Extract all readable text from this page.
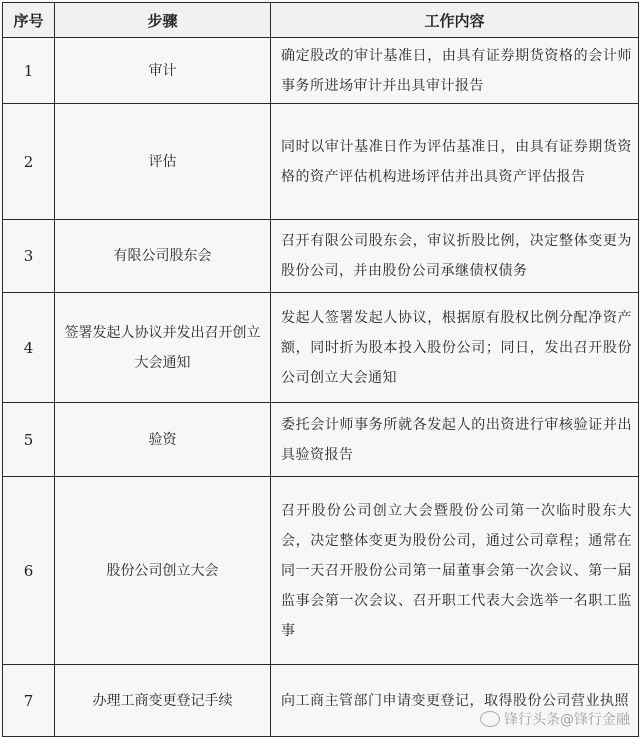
序号	步骤	工作内容
1	审计	确定股改的审计基准日，由具有证券期货资格的会计师事务所进场审计并出具审计报告
2	评估	同时以审计基准日作为评估基准日，由具有证券期货资格的资产评估机构进场评估并出具资产评估报告
3	有限公司股东会	召开有限公司股东会，审议折股比例，决定整体变更为股份公司，并由股份公司承继债权债务
4	签署发起人协议并发出召开创立大会通知	发起人签署发起人协议，根据原有股权比例分配净资产额，同时折为股本投入股份公司；同日，发出召开股份公司创立大会通知
5	验资	委托会计师事务所就各发起人的出资进行审核验证并出具验资报告
6	股份公司创立大会	召开股份公司创立大会暨股份公司第一次临时股东大会，决定整体变更为股份公司，通过公司章程；通常在同一天召开股份公司第一届董事会第一次会议、第一届监事会第一次会议、召开职工代表大会选举一名职工监事
7	办理工商变更登记手续	向工商主管部门申请变更登记，取得股份公司营业执照
锋行头条@锋行金融
